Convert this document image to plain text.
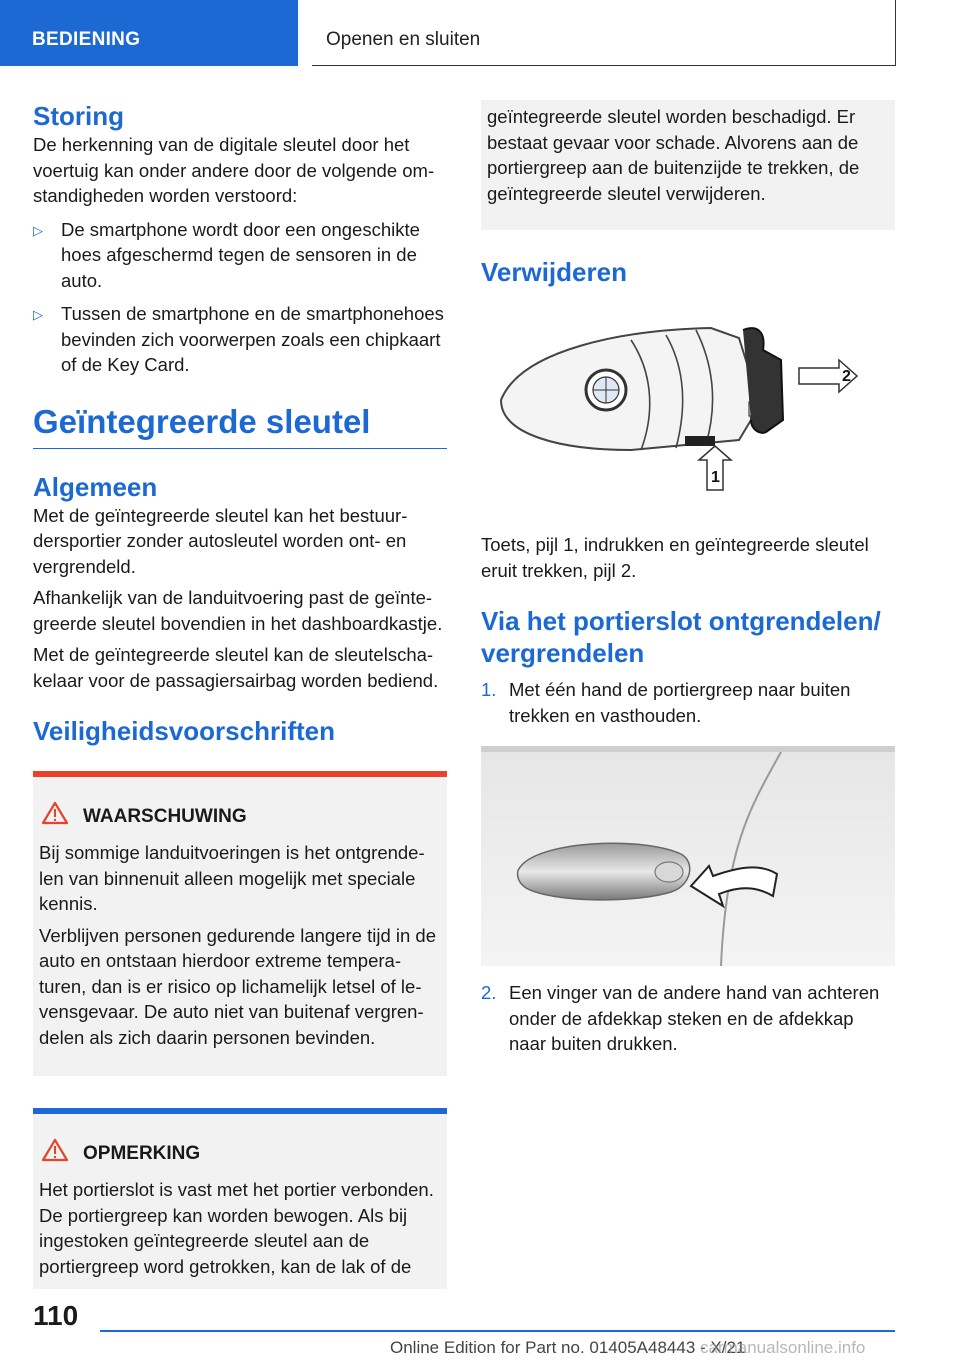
BEDIENING	Openen en sluiten
Storing

De herkenning van de digitale sleutel door het voertuig kan onder andere door de volgende omstandigheden worden verstoord:

▷ De smartphone wordt door een ongeschikte hoes afgeschermd tegen de sensoren in de auto.
▷ Tussen de smartphone en de smartphonehoes bevinden zich voorwerpen zoals een chipkaart of de Key Card.
Geïntegreerde sleutel
Algemeen

Met de geïntegreerde sleutel kan het bestuurdersportier zonder autosleutel worden ont- en vergrendeld.

Afhankelijk van de landuitvoering past de geïntegreerde sleutel bovendien in het dashboardkastje.

Met de geïntegreerde sleutel kan de sleutelschakelaar voor de passagiersairbag worden bediend.

Veiligheidsvoorschriften
WAARSCHUWING

Bij sommige landuitvoeringen is het ontgrendelen van binnenuit alleen mogelijk met speciale kennis.

Verblijven personen gedurende langere tijd in de auto en ontstaan hierdoor extreme temperaturen, dan is er risico op lichamelijk letsel of levensgevaar. De auto niet van buitenaf vergrendelen als zich daarin personen bevinden.

OPMERKING

Het portierslot is vast met het portier verbonden. De portiergreep kan worden bewogen. Als bij ingestoken geïntegreerde sleutel aan de portiergreep word getrokken, kan de lak of de

geïntegreerde sleutel worden beschadigd. Er bestaat gevaar voor schade. Alvorens aan de portiergreep aan de buitenzijde te trekken, de geïntegreerde sleutel verwijderen.

Verwijderen
2
1

Toets, pijl 1, indrukken en geïntegreerde sleutel eruit trekken, pijl 2.

Via het portierslot ontgrendelen/ vergrendelen
1. Met één hand de portiergreep naar buiten trekken en vasthouden.
2. Een vinger van de andere hand van achteren onder de afdekkap steken en de afdekkap naar buiten drukken.
110
Online Edition for Part no. 01405A48443 - X/21
carmanualsonline.info
